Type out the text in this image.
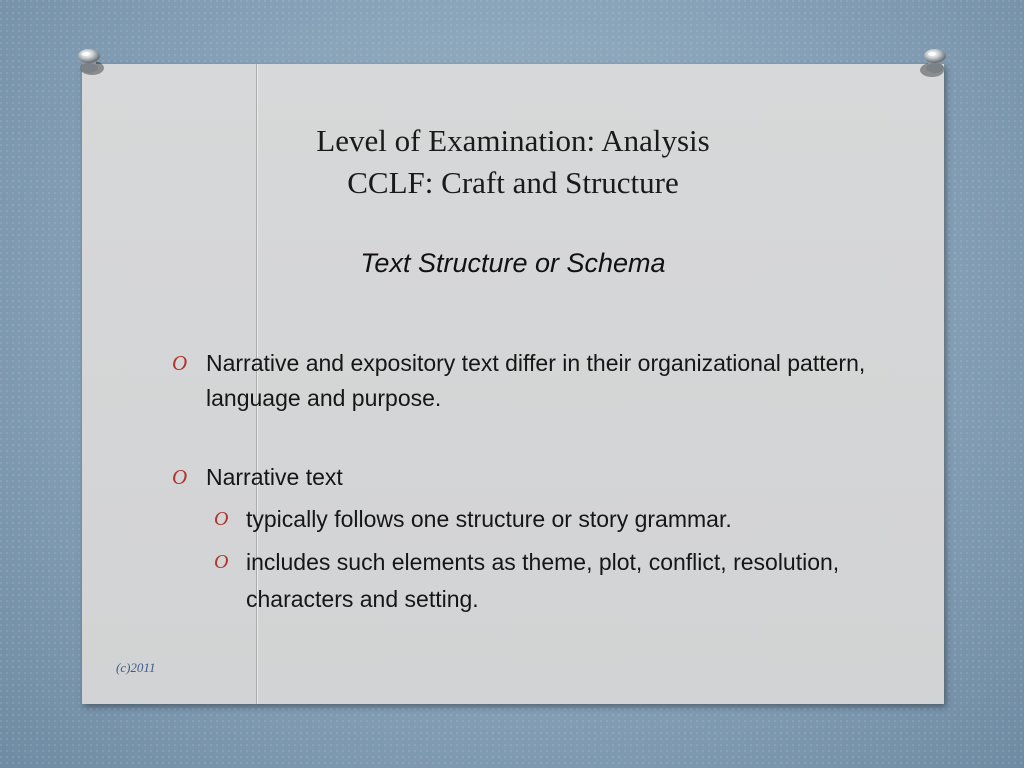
Level of Examination: Analysis
CCLF: Craft and Structure
Text Structure or Schema
O Narrative and expository text differ in their organizational pattern, language and purpose.
O Narrative text
O typically follows one structure or story grammar.
O includes such elements as theme, plot, conflict, resolution, characters and setting.
(c)2011
